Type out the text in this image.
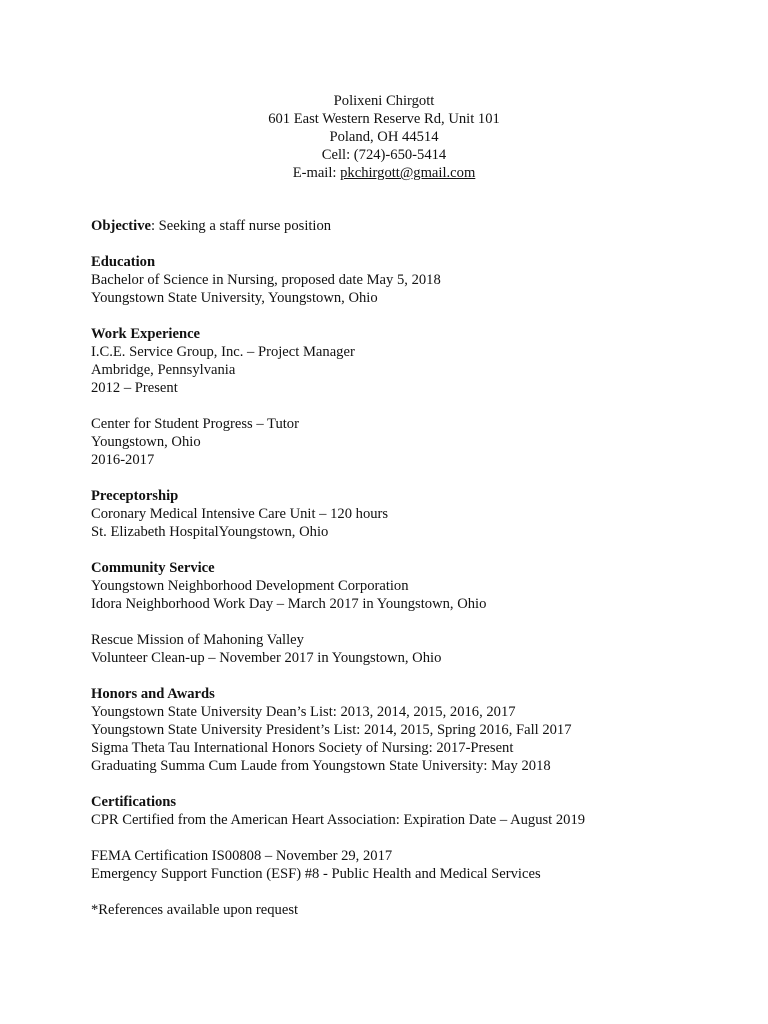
Polixeni Chirgott
601 East Western Reserve Rd, Unit 101
Poland, OH 44514
Cell: (724)-650-5414
E-mail: pkchirgott@gmail.com
Objective: Seeking a staff nurse position
Education
Bachelor of Science in Nursing, proposed date May 5, 2018
Youngstown State University, Youngstown, Ohio
Work Experience
I.C.E. Service Group, Inc. – Project Manager
Ambridge, Pennsylvania
2012 – Present
Center for Student Progress – Tutor
Youngstown, Ohio
2016-2017
Preceptorship
Coronary Medical Intensive Care Unit – 120 hours
St. Elizabeth HospitalYoungstown, Ohio
Community Service
Youngstown Neighborhood Development Corporation
Idora Neighborhood Work Day – March 2017 in Youngstown, Ohio
Rescue Mission of Mahoning Valley
Volunteer Clean-up – November 2017 in Youngstown, Ohio
Honors and Awards
Youngstown State University Dean’s List: 2013, 2014, 2015, 2016, 2017
Youngstown State University President’s List: 2014, 2015, Spring 2016, Fall 2017
Sigma Theta Tau International Honors Society of Nursing: 2017-Present
Graduating Summa Cum Laude from Youngstown State University: May 2018
Certifications
CPR Certified from the American Heart Association: Expiration Date – August 2019
FEMA Certification IS00808 – November 29, 2017
Emergency Support Function (ESF) #8 - Public Health and Medical Services
*References available upon request
